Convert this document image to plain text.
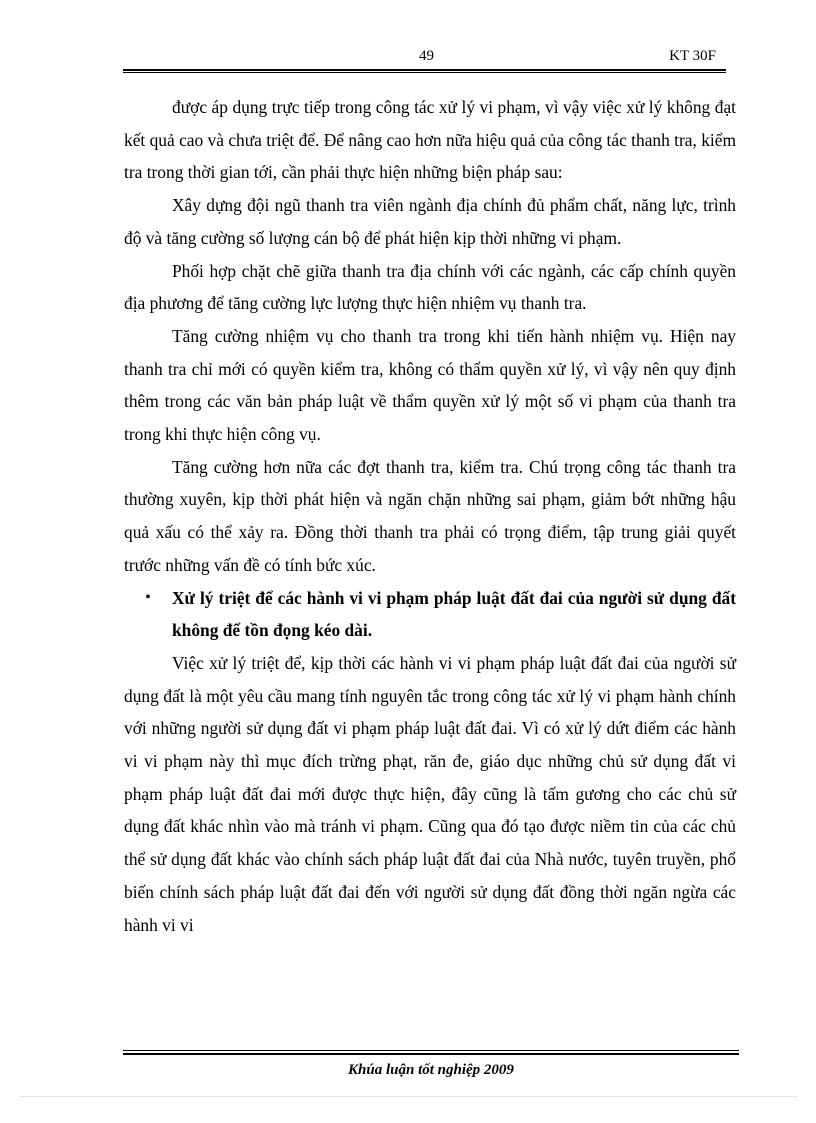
49	KT 30F

được áp dụng trực tiếp trong công tác xử lý vi phạm, vì vậy việc xử lý không đạt kết quả cao và chưa triệt để. Để nâng cao hơn nữa hiệu quả của công tác thanh tra, kiểm tra trong thời gian tới, cần phải thực hiện những biện pháp sau:

Xây dựng đội ngũ thanh tra viên ngành địa chính đủ phẩm chất, năng lực, trình độ và tăng cường số lượng cán bộ để phát hiện kịp thời những vi phạm.

Phối hợp chặt chẽ giữa thanh tra địa chính với các ngành, các cấp chính quyền địa phương để tăng cường lực lượng thực hiện nhiệm vụ thanh tra.

Tăng cường nhiệm vụ cho thanh tra trong khi tiến hành nhiệm vụ. Hiện nay thanh tra chỉ mới có quyền kiểm tra, không có thẩm quyền xử lý, vì vậy nên quy định thêm trong các văn bản pháp luật về thẩm quyền xử lý một số vi phạm của thanh tra trong khi thực hiện công vụ.

Tăng cường hơn nữa các đợt thanh tra, kiểm tra. Chú trọng công tác thanh tra thường xuyên, kịp thời phát hiện và ngăn chặn những sai phạm, giảm bớt những hậu quả xấu có thể xảy ra. Đồng thời thanh tra phải có trọng điểm, tập trung giải quyết trước những vấn đề có tính bức xúc.

•	Xử lý triệt để các hành vi vi phạm pháp luật đất đai của người sử dụng đất không để tồn đọng kéo dài.

Việc xử lý triệt để, kịp thời các hành vi vi phạm pháp luật đất đai của người sử dụng đất là một yêu cầu mang tính nguyên tắc trong công tác xử lý vi phạm hành chính với những người sử dụng đất vi phạm pháp luật đất đai. Vì có xử lý dứt điểm các hành vi vi phạm này thì mục đích trừng phạt, răn đe, giáo dục những chủ sử dụng đất vi phạm pháp luật đất đai mới được thực hiện, đây cũng là tấm gương cho các chủ sử dụng đất khác nhìn vào mà tránh vi phạm. Cũng qua đó tạo được niềm tin của các chủ thể sử dụng đất khác vào chính sách pháp luật đất đai của Nhà nước, tuyên truyền, phổ biến chính sách pháp luật đất đai đến với người sử dụng đất đồng thời ngăn ngừa các hành vi vi

Khúa luận tốt nghiệp 2009
